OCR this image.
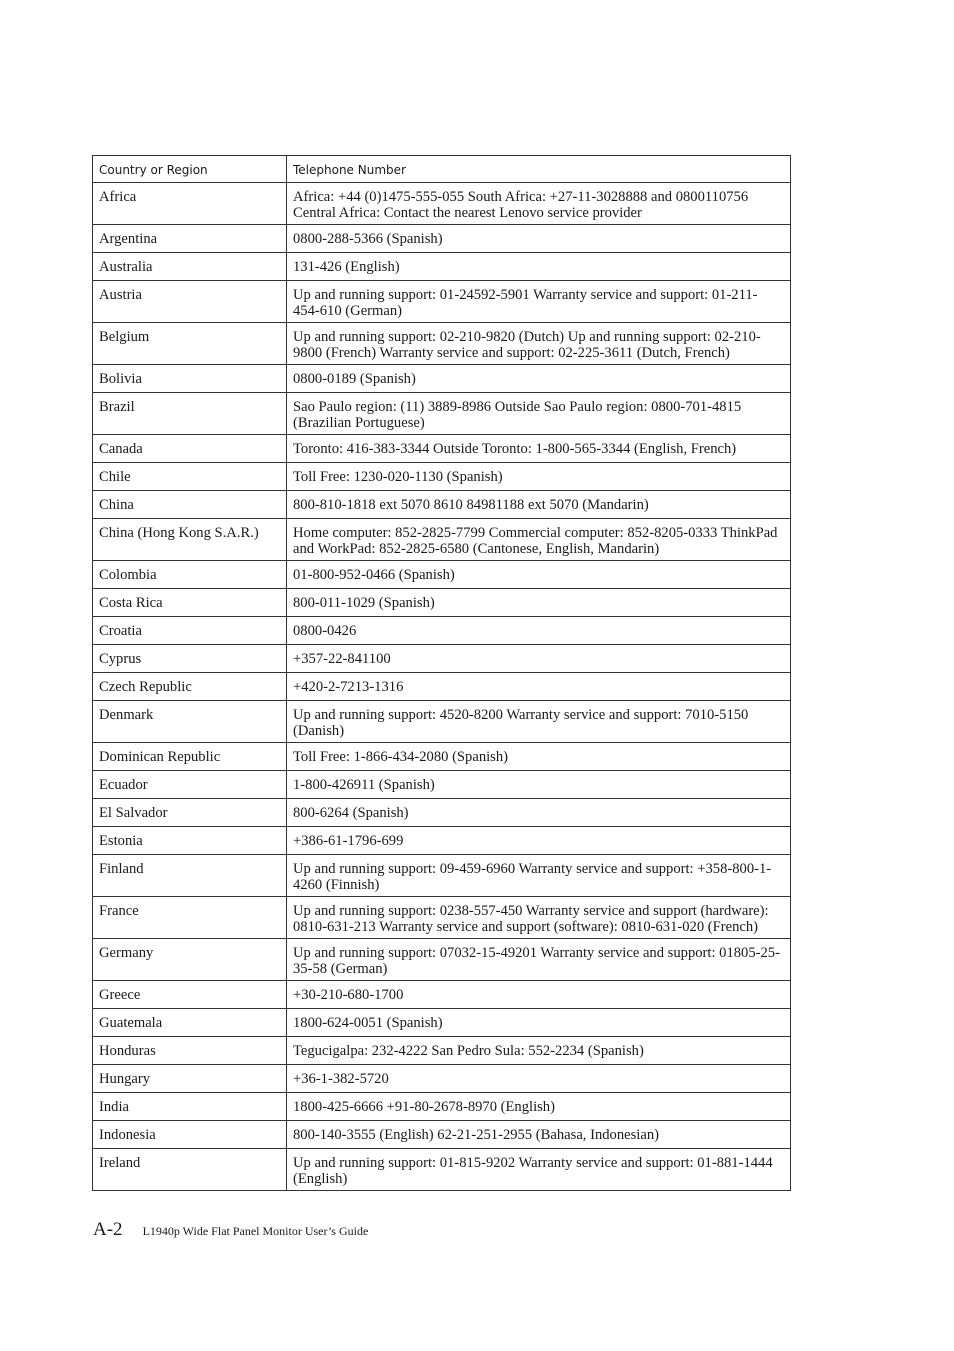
Country or Region	Telephone Number
Africa	Africa: +44 (0)1475-555-055 South Africa: +27-11-3028888 and 0800110756 Central Africa: Contact the nearest Lenovo service provider
Argentina	0800-288-5366 (Spanish)
Australia	131-426 (English)
Austria	Up and running support: 01-24592-5901 Warranty service and support: 01-211-454-610 (German)
Belgium	Up and running support: 02-210-9820 (Dutch) Up and running support: 02-210-9800 (French) Warranty service and support: 02-225-3611 (Dutch, French)
Bolivia	0800-0189 (Spanish)
Brazil	Sao Paulo region: (11) 3889-8986 Outside Sao Paulo region: 0800-701-4815 (Brazilian Portuguese)
Canada	Toronto: 416-383-3344 Outside Toronto: 1-800-565-3344 (English, French)
Chile	Toll Free: 1230-020-1130 (Spanish)
China	800-810-1818 ext 5070 8610 84981188 ext 5070 (Mandarin)
China (Hong Kong S.A.R.)	Home computer: 852-2825-7799 Commercial computer: 852-8205-0333 ThinkPad and WorkPad: 852-2825-6580 (Cantonese, English, Mandarin)
Colombia	01-800-952-0466 (Spanish)
Costa Rica	800-011-1029 (Spanish)
Croatia	0800-0426
Cyprus	+357-22-841100
Czech Republic	+420-2-7213-1316
Denmark	Up and running support: 4520-8200 Warranty service and support: 7010-5150 (Danish)
Dominican Republic	Toll Free: 1-866-434-2080 (Spanish)
Ecuador	1-800-426911 (Spanish)
El Salvador	800-6264 (Spanish)
Estonia	+386-61-1796-699
Finland	Up and running support: 09-459-6960 Warranty service and support: +358-800-1-4260 (Finnish)
France	Up and running support: 0238-557-450 Warranty service and support (hardware): 0810-631-213 Warranty service and support (software): 0810-631-020 (French)
Germany	Up and running support: 07032-15-49201 Warranty service and support: 01805-25-35-58 (German)
Greece	+30-210-680-1700
Guatemala	1800-624-0051 (Spanish)
Honduras	Tegucigalpa: 232-4222 San Pedro Sula: 552-2234 (Spanish)
Hungary	+36-1-382-5720
India	1800-425-6666 +91-80-2678-8970 (English)
Indonesia	800-140-3555 (English) 62-21-251-2955 (Bahasa, Indonesian)
Ireland	Up and running support: 01-815-9202 Warranty service and support: 01-881-1444 (English)
A-2 L1940p Wide Flat Panel Monitor User’s Guide
